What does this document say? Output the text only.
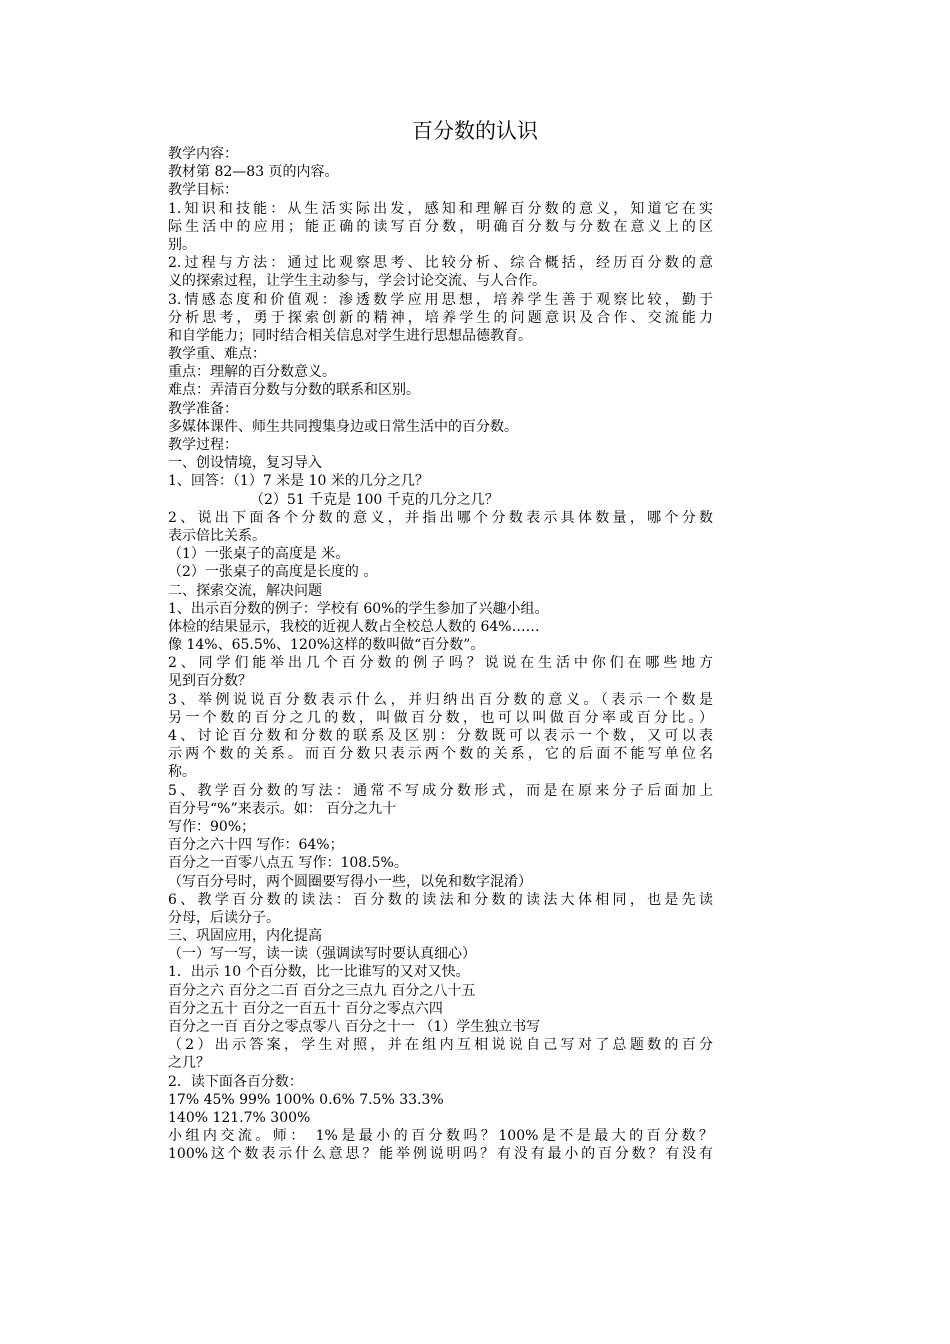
百分数的认识
教学内容：
教材第 82—83 页的内容。
教学目标：
1.知识和技能：从生活实际出发，感知和理解百分数的意义，知道它在实
际生活中的应用；能正确的读写百分数，明确百分数与分数在意义上的区
别。
2.过程与方法：通过比观察思考、比较分析、综合概括，经历百分数的意
义的探索过程，让学生主动参与，学会讨论交流、与人合作。
3.情感态度和价值观：渗透数学应用思想，培养学生善于观察比较，勤于
分析思考，勇于探索创新的精神，培养学生的问题意识及合作、交流能力
和自学能力；同时结合相关信息对学生进行思想品德教育。
教学重、难点：
重点：理解的百分数意义。
难点：弄清百分数与分数的联系和区别。
教学准备：
多媒体课件、师生共同搜集身边或日常生活中的百分数。
教学过程：
一、创设情境，复习导入
1、回答：（1）7 米是 10 米的几分之几？
（2）51 千克是 100 千克的几分之几？
2、说出下面各个分数的意义，并指出哪个分数表示具体数量，哪个分数
表示倍比关系。
（1）一张桌子的高度是 米。
（2）一张桌子的高度是长度的 。
二、探索交流，解决问题
1、出示百分数的例子：学校有 60%的学生参加了兴趣小组。
体检的结果显示，我校的近视人数占全校总人数的 64%……
像 14%、65.5%、120%这样的数叫做“百分数”。
2、同学们能举出几个百分数的例子吗？说说在生活中你们在哪些地方
见到百分数？
3、举例说说百分数表示什么，并归纳出百分数的意义。（表示一个数是
另一个数的百分之几的数，叫做百分数，也可以叫做百分率或百分比。）
4、讨论百分数和分数的联系及区别：分数既可以表示一个数，又可以表
示两个数的关系。而百分数只表示两个数的关系，它的后面不能写单位名
称。
5、教学百分数的写法：通常不写成分数形式，而是在原来分子后面加上
百分号“%”来表示。如： 百分之九十
写作：90%；
百分之六十四 写作：64%；
百分之一百零八点五 写作：108.5%。
（写百分号时，两个圆圈要写得小一些，以免和数字混淆）
6、教学百分数的读法：百分数的读法和分数的读法大体相同，也是先读
分母，后读分子。
三、巩固应用，内化提高
（一）写一写，读一读（强调读写时要认真细心）
1．出示 10 个百分数，比一比谁写的又对又快。
百分之六 百分之二百 百分之三点九 百分之八十五
百分之五十 百分之一百五十 百分之零点六四
百分之一百 百分之零点零八 百分之十一 （1）学生独立书写
（2）出示答案，学生对照，并在组内互相说说自己写对了总题数的百分
之几？
2．读下面各百分数：
17% 45% 99% 100% 0.6% 7.5% 33.3%
140% 121.7% 300%
小组内交流。师： 1%是最小的百分数吗？100%是不是最大的百分数？
100%这个数表示什么意思？能举例说明吗？有没有最小的百分数？有没有
